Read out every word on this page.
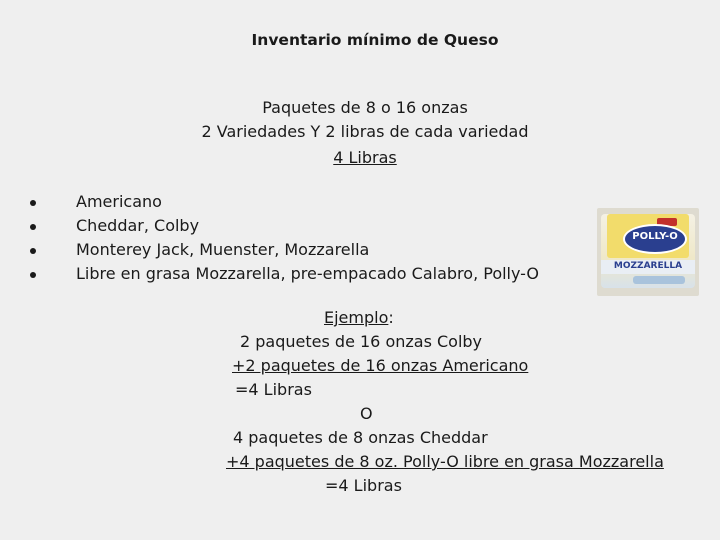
Inventario mínimo de Queso
Paquetes de 8 o 16 onzas
2 Variedades Y 2 libras de cada variedad
4 Libras
Americano
Cheddar, Colby
Monterey Jack, Muenster, Mozzarella
Libre en grasa Mozzarella, pre-empacado Calabro, Polly-O
POLLY-O
MOZZARELLA
Ejemplo:
2 paquetes de 16 onzas Colby
+2 paquetes de 16 onzas Americano
=4 Libras
O
4 paquetes de 8 onzas Cheddar
+4 paquetes de 8 oz. Polly-O libre en grasa Mozzarella
=4 Libras
